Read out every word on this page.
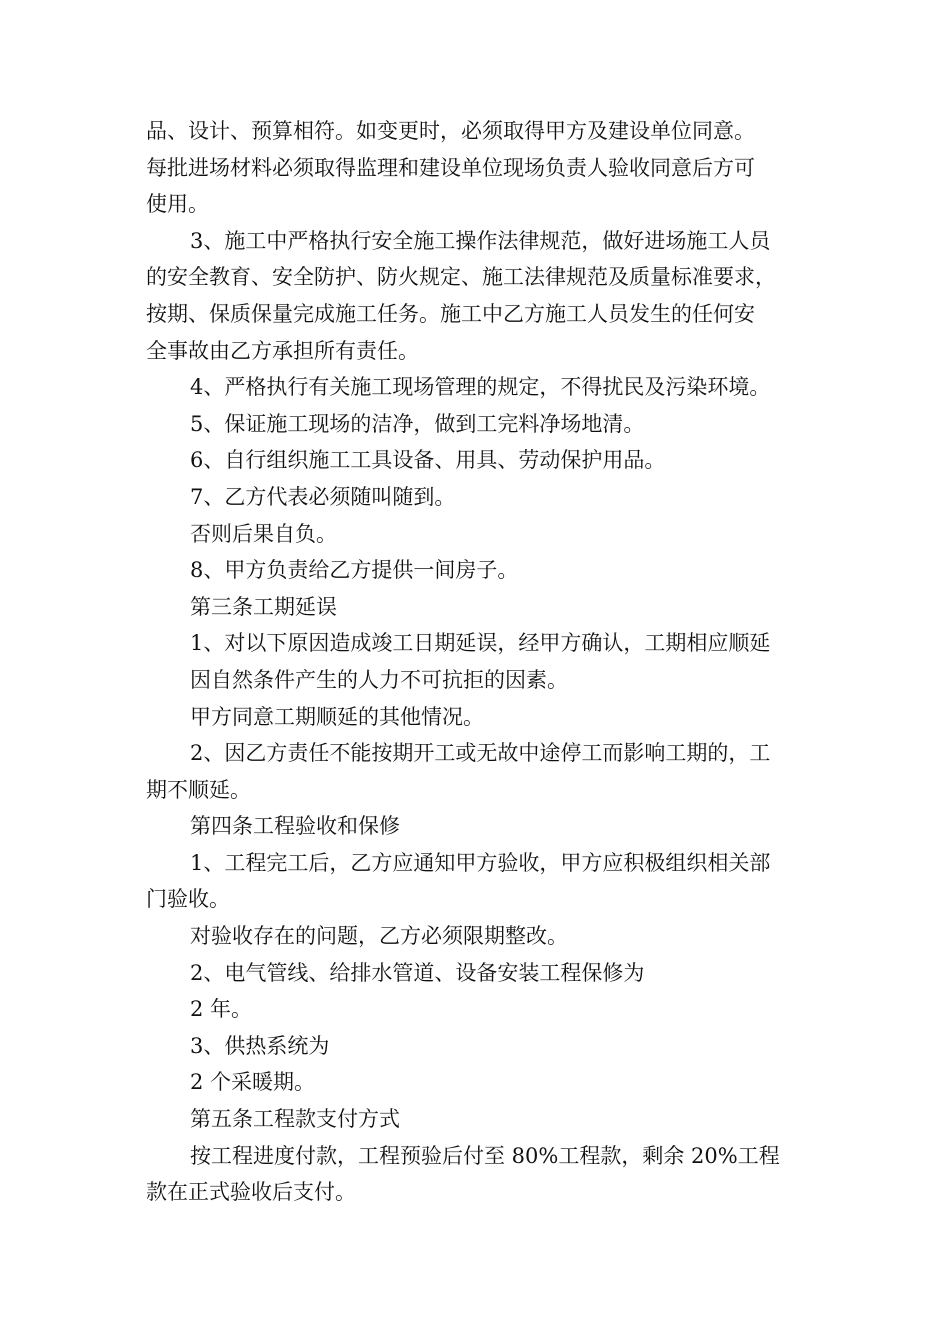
品、设计、预算相符。如变更时，必须取得甲方及建设单位同意。
每批进场材料必须取得监理和建设单位现场负责人验收同意后方可
使用。
3、施工中严格执行安全施工操作法律规范，做好进场施工人员
的安全教育、安全防护、防火规定、施工法律规范及质量标准要求，
按期、保质保量完成施工任务。施工中乙方施工人员发生的任何安
全事故由乙方承担所有责任。
4、严格执行有关施工现场管理的规定，不得扰民及污染环境。
5、保证施工现场的洁净，做到工完料净场地清。
6、自行组织施工工具设备、用具、劳动保护用品。
7、乙方代表必须随叫随到。
否则后果自负。
8、甲方负责给乙方提供一间房子。
第三条工期延误
1、对以下原因造成竣工日期延误，经甲方确认，工期相应顺延
因自然条件产生的人力不可抗拒的因素。
甲方同意工期顺延的其他情况。
2、因乙方责任不能按期开工或无故中途停工而影响工期的，工
期不顺延。
第四条工程验收和保修
1、工程完工后，乙方应通知甲方验收，甲方应积极组织相关部
门验收。
对验收存在的问题，乙方必须限期整改。
2、电气管线、给排水管道、设备安装工程保修为
2 年。
3、供热系统为
2 个采暖期。
第五条工程款支付方式
按工程进度付款，工程预验后付至 80%工程款，剩余 20%工程
款在正式验收后支付。
